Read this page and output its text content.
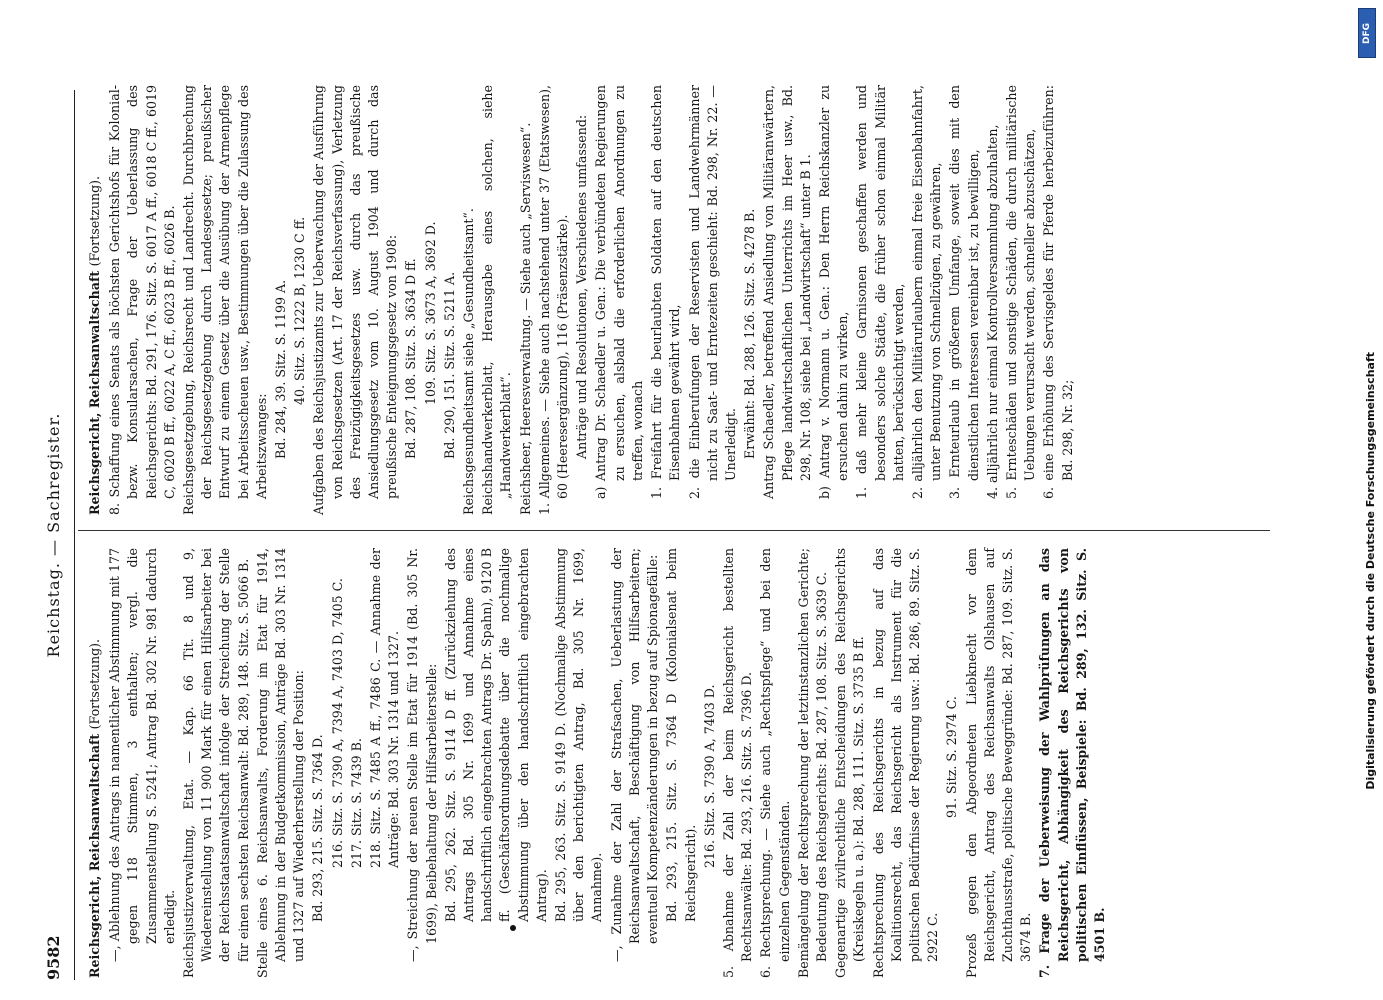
9582
Reichstag. — Sachregister.
Reichsgericht, Reichsanwaltschaft (Fortsetzung). —, Ablehnung des Antrags in namentlicher Abstimmung mit 177 gegen 118 Stimmen, 3 enthalten; vergl. die Zusammenstellung S. 5241; Antrag Bd. 302 Nr. 981 dadurch erledigt. Reichsjustizverwaltung, Etat. — Kap. 66 Tit. 8 und 9, Wiedereinstellung von 11 900 Mark für einen Hilfsarbeiter bei der Reichsstaatsanwaltschaft infolge der Streichung der Stelle für einen sechsten Reichsanwalt: Bd. 289, 148. Sitz. S. 5066 B. Stelle eines 6. Reichsanwalts, Forderung im Etat für 1914, Ablehnung in der Budgetkommission, Anträge Bd. 303 Nr. 1314 und 1327 auf Wiederherstellung der Position: Bd. 293, 215. Sitz. S. 7364 D. 216. Sitz. S. 7390 A, 7394 A, 7403 D, 7405 C. 217. Sitz. S. 7439 B. 218. Sitz. S. 7485 A ff., 7486 C. — Annahme der Anträge: Bd. 303 Nr. 1314 und 1327. —, Streichung der neuen Stelle im Etat für 1914 (Bd. 305 Nr. 1699), Beibehaltung der Hilfsarbeiterstelle: Bd. 295, 262. Sitz. S. 9114 D ff. (Zurückziehung des Antrags Bd. 305 Nr. 1699 und Annahme eines handschriftlich eingebrachten Antrags Dr. Spahn), 9120 B ff. (Geschäftsordnungsdebatte über die nochmalige Abstimmung über den handschriftlich eingebrachten Antrag). Bd. 295, 263. Sitz. S. 9149 D. (Nochmalige Abstimmung über den berichtigten Antrag, Bd. 305 Nr. 1699, Annahme). —, Zunahme der Zahl der Strafsachen, Ueberlastung der Reichsanwaltschaft, Beschäftigung von Hilfsarbeitern; eventuell Kompetenzänderungen in bezug auf Spionagefälle: Bd. 293, 215. Sitz. S. 7364 D (Kolonialsenat beim Reichsgericht).

216. Sitz. S. 7390 A, 7403 D. 5. Abnahme der Zahl der beim Reichsgericht bestellten Rechtsanwälte: Bd. 293, 216. Sitz. S. 7396 D. 6. Rechtsprechung. — Siehe auch „Rechtspflege“ und bei den einzelnen Gegenständen. Bemängelung der Rechtsprechung der letztinstanzlichen Gerichte; Bedeutung des Reichsgerichts: Bd. 287, 108. Sitz. S. 3639 C. Gegenartige zivilrechtliche Entscheidungen des Reichsgerichts (Kreiskegeln u. a.): Bd. 288, 111. Sitz. S. 3735 B ff. Rechtsprechung des Reichsgerichts in bezug auf das Koalitionsrecht, das Reichsgericht als Instrument für die politischen Bedürfnisse der Regierung usw.: Bd. 286, 89. Sitz. S. 2922 C.

91. Sitz. S. 2974 C. Prozeß gegen den Abgeordneten Liebknecht vor dem Reichsgericht, Antrag des Reichsanwalts Olshausen auf Zuchthausstrafe, politische Beweggründe: Bd. 287, 109. Sitz. S. 3674 B. 7. Frage der Ueberweisung der Wahlprüfungen an das Reichsgericht, Abhängigkeit des Reichsgerichts von politischen Einflüssen, Beispiele: Bd. 289, 132. Sitz. S. 4501 B.

Reichsgericht, Reichsanwaltschaft (Fortsetzung). 8. Schaffung eines Senats als höchsten Gerichtshofs für Kolonial- bezw. Konsularsachen, Frage der Ueberlassung des Reichsgerichts: Bd. 291, 176. Sitz. S. 6017 A ff., 6018 C ff., 6019 C, 6020 B ff., 6022 A, C ff., 6023 B ff., 6026 B. Reichsgesetzgebung, Reichsrecht und Landrecht. Durchbrechung der Reichsgesetzgebung durch Landesgesetze; preußischer Entwurf zu einem Gesetz über die Ausübung der Armenpflege bei Arbeitsscheuen usw., Bestimmungen über die Zulassung des Arbeitszwanges: Bd. 284, 39. Sitz. S. 1199 A. 40. Sitz. S. 1222 B, 1230 C ff. Aufgaben des Reichsjustizamts zur Ueberwachung der Ausführung von Reichsgesetzen (Art. 17 der Reichsverfassung), Verletzung des Freizügigkeitsgesetzes usw. durch das preußische Ansiedlungsgesetz vom 10. August 1904 und durch das preußische Enteignungsgesetz von 1908: Bd. 287, 108. Sitz. S. 3634 D ff. 109. Sitz. S. 3673 A, 3692 D. Bd. 290, 151. Sitz. S. 5211 A. Reichsgesundheitsamt siehe „Gesundheitsamt“. Reichshandwerkerblatt, Herausgabe eines solchen, siehe „Handwerkerblatt“. Reichsheer, Heeresverwaltung. — Siehe auch „Serviswesen“. 1. Allgemeines. — Siehe auch nachstehend unter 37 (Etatswesen), 60 (Heeresergänzung), 116 (Präsenzstärke). Anträge und Resolutionen, Verschiedenes umfassend: a) Antrag Dr. Schaedler u. Gen.: Die verbündeten Regierungen zu ersuchen, alsbald die erforderlichen Anordnungen zu treffen, wonach 1. Freifahrt für die beurlaubten Soldaten auf den deutschen Eisenbahnen gewährt wird, 2. die Einberufungen der Reservisten und Landwehrmänner nicht zu Saat- und Erntezeiten geschieht: Bd. 298, Nr. 22. — Unerledigt. Erwähnt: Bd. 288, 126. Sitz. S. 4278 B. Antrag Schaedler, betreffend Ansiedlung von Militäranwärtern, Pflege landwirtschaftlichen Unterrichts im Heer usw., Bd. 298, Nr. 108, siehe bei „Landwirtschaft“ unter B 1. b) Antrag v. Normann u. Gen.: Den Herrn Reichskanzler zu ersuchen dahin zu wirken, 1. daß mehr kleine Garnisonen geschaffen werden und besonders solche Städte, die früher schon einmal Militär hatten, berücksichtigt werden, 2. alljährlich den Militärurlaubern einmal freie Eisenbahnfahrt, unter Benutzung von Schnellzügen, zu gewähren, 3. Ernteurlaub in größerem Umfange, soweit dies mit den dienstlichen Interessen vereinbar ist, zu bewilligen, 4. alljährlich nur einmal Kontrollversammlung abzuhalten, 5. Ernteschäden und sonstige Schäden, die durch militärische Uebungen verursacht werden, schneller abzuschätzen, 6. eine Erhöhung des Servisgeldes für Pferde herbeizuführen: Bd. 298, Nr. 32;

DFG
Digitalisierung gefördert durch die Deutsche Forschungsgemeinschaft
